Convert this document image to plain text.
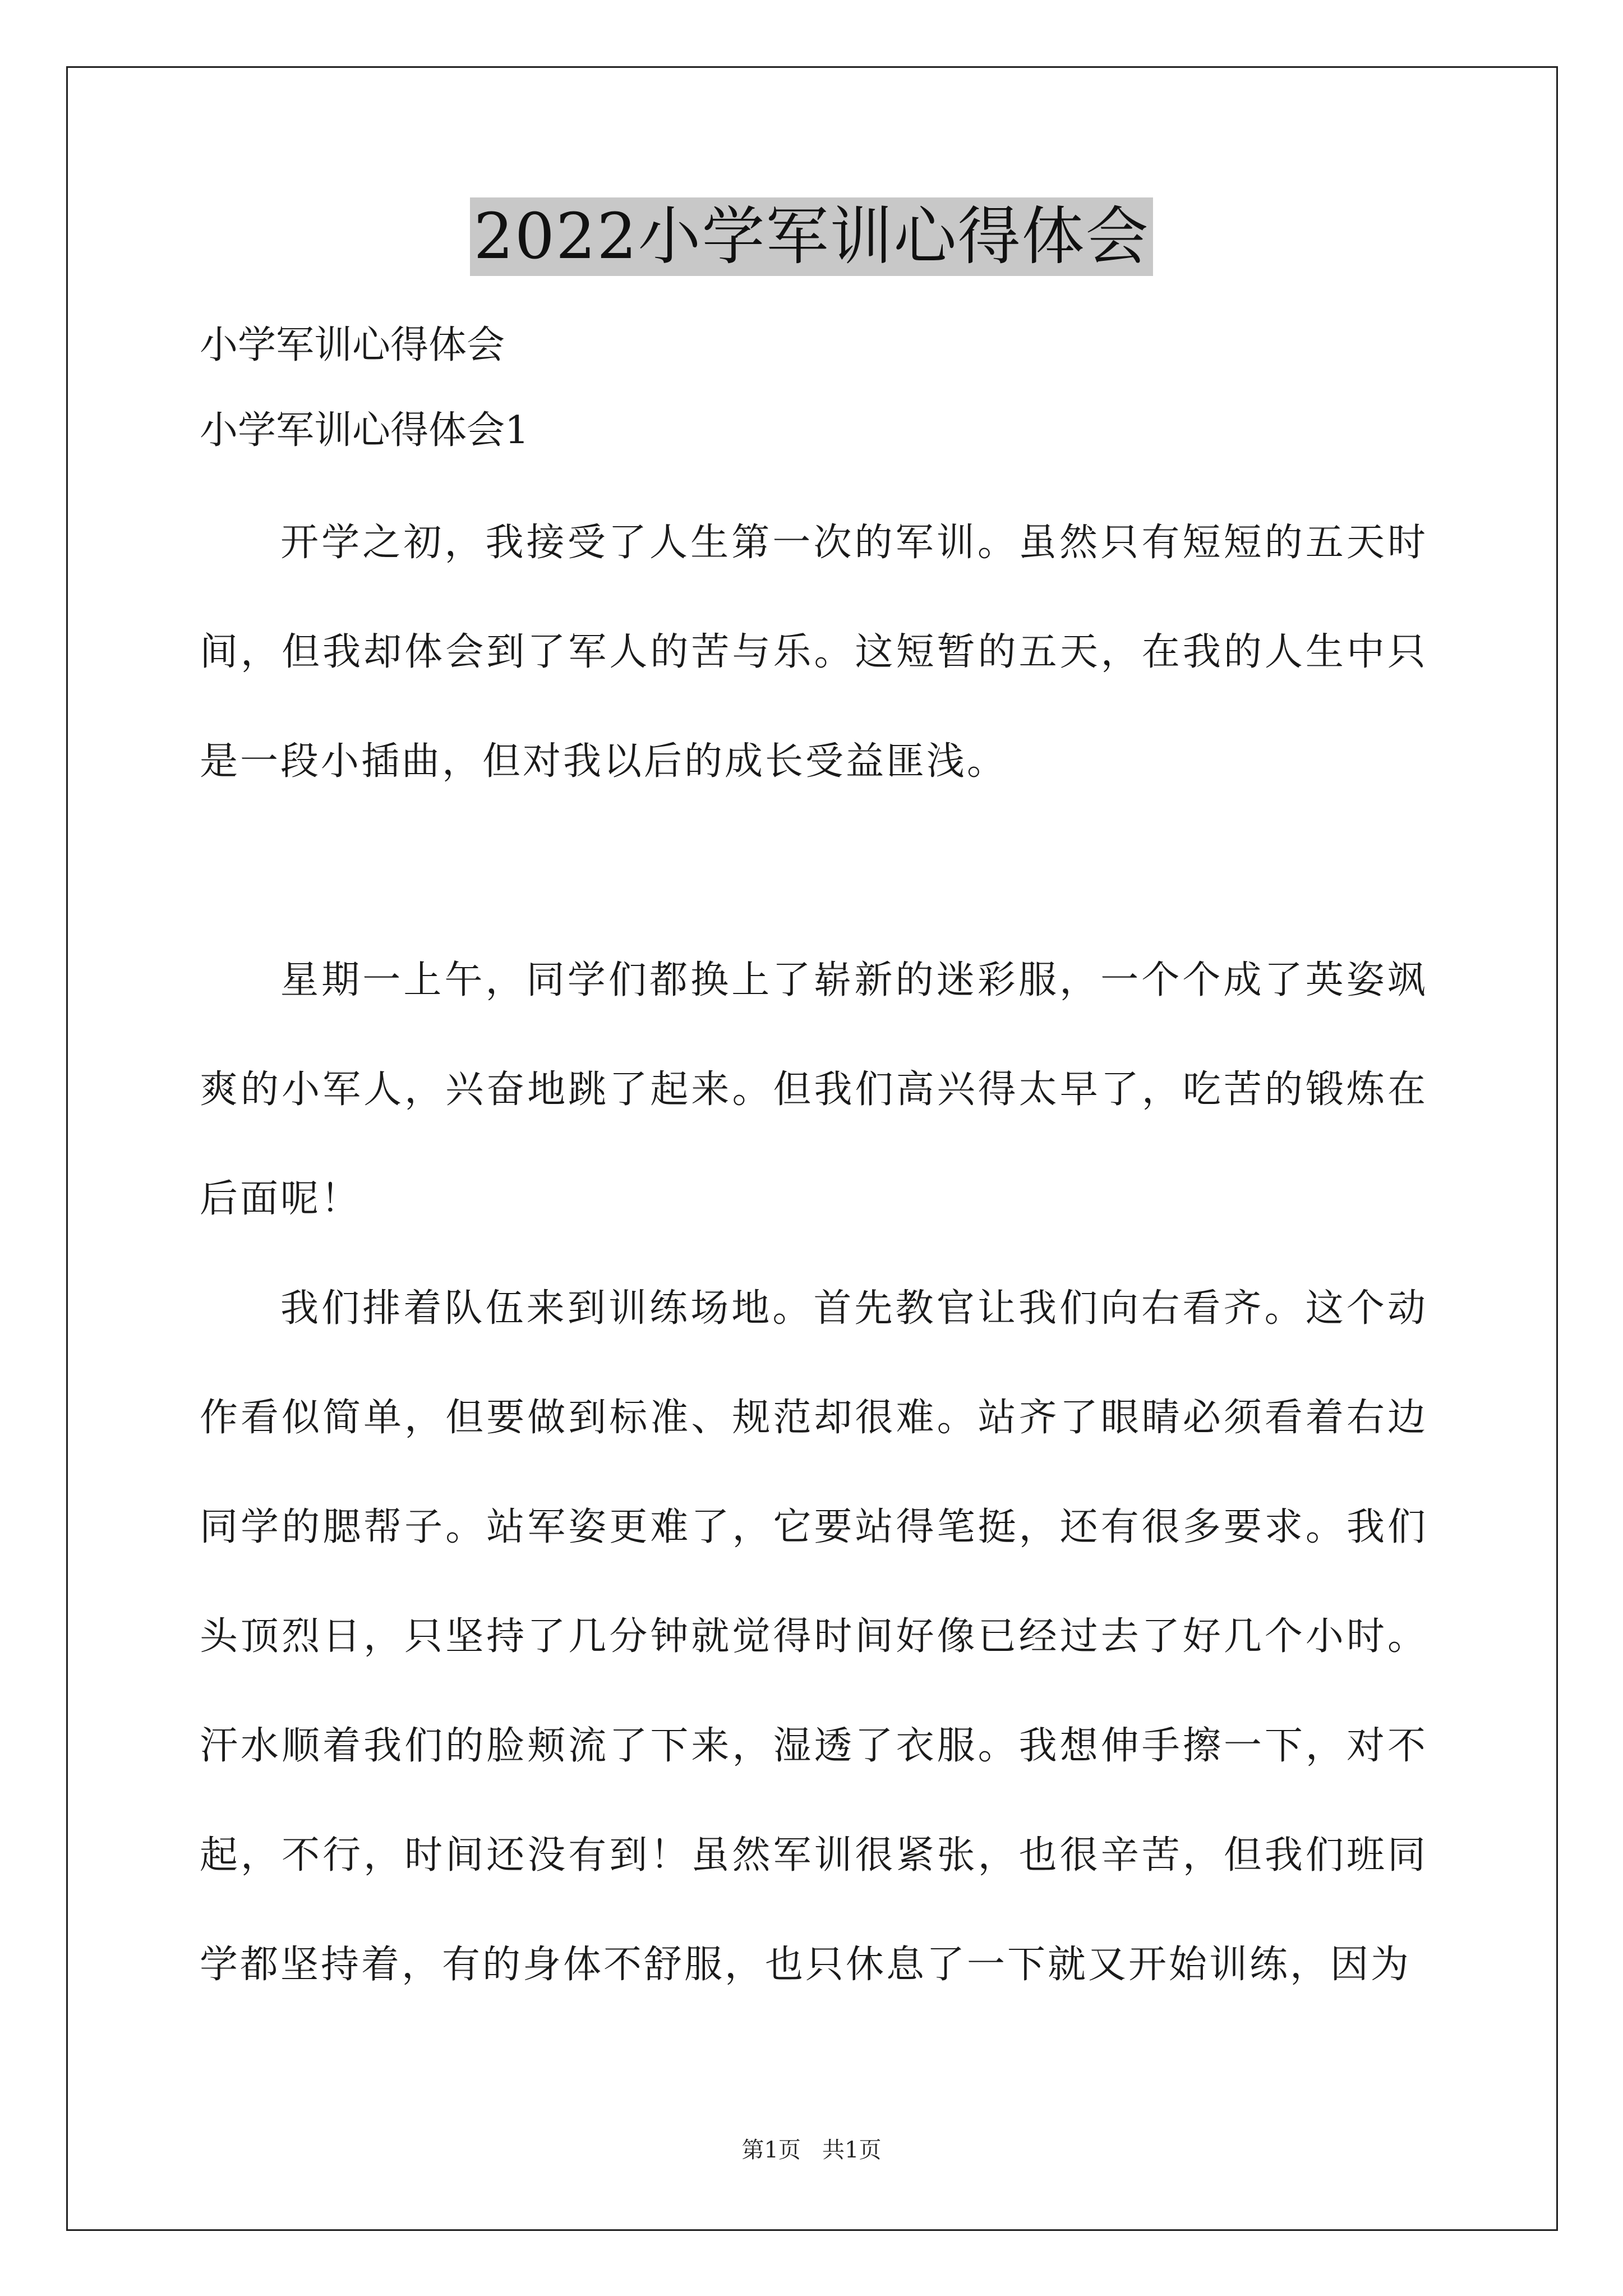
2022小学军训心得体会
小学军训心得体会
小学军训心得体会1

开学之初，我接受了人生第一次的军训。虽然只有短短的五天时间，但我却体会到了军人的苦与乐。这短暂的五天，在我的人生中只是一段小插曲，但对我以后的成长受益匪浅。

星期一上午，同学们都换上了崭新的迷彩服，一个个成了英姿飒爽的小军人，兴奋地跳了起来。但我们高兴得太早了，吃苦的锻炼在后面呢！

我们排着队伍来到训练场地。首先教官让我们向右看齐。这个动作看似简单，但要做到标准、规范却很难。站齐了眼睛必须看着右边同学的腮帮子。站军姿更难了，它要站得笔挺，还有很多要求。我们头顶烈日，只坚持了几分钟就觉得时间好像已经过去了好几个小时。汗水顺着我们的脸颊流了下来，湿透了衣服。我想伸手擦一下，对不起，不行，时间还没有到！虽然军训很紧张，也很辛苦，但我们班同学都坚持着，有的身体不舒服，也只休息了一下就又开始训练，因为

第1页   共1页
